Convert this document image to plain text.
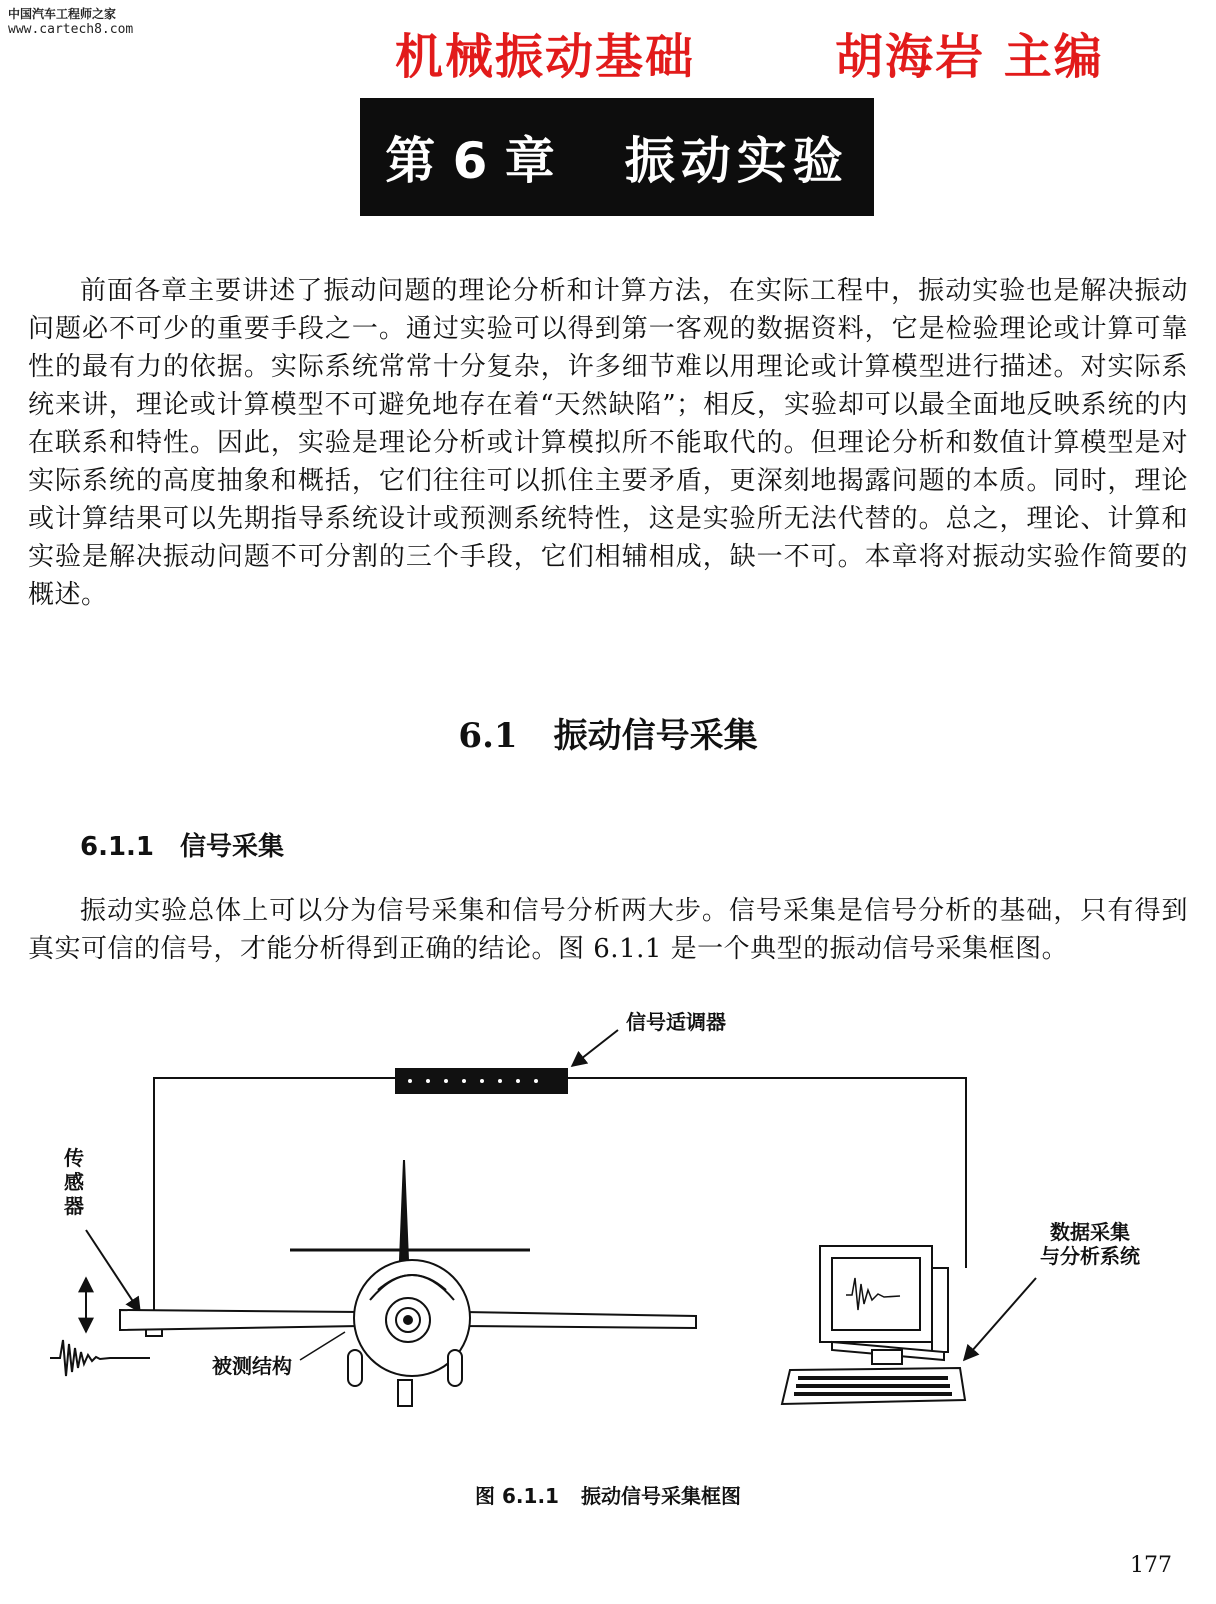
中国汽车工程师之家
www.cartech8.com	机械振动基础	胡海岩 主编
第 6 章 振动实验

前面各章主要讲述了振动问题的理论分析和计算方法，在实际工程中，振动实验也是解决振动问题必不可少的重要手段之一。通过实验可以得到第一客观的数据资料，它是检验理论或计算可靠性的最有力的依据。实际系统常常十分复杂，许多细节难以用理论或计算模型进行描述。对实际系统来讲，理论或计算模型不可避免地存在着“天然缺陷”；相反，实验却可以最全面地反映系统的内在联系和特性。因此，实验是理论分析或计算模拟所不能取代的。但理论分析和数值计算模型是对实际系统的高度抽象和概括，它们往往可以抓住主要矛盾，更深刻地揭露问题的本质。同时，理论或计算结果可以先期指导系统设计或预测系统特性，这是实验所无法代替的。总之，理论、计算和实验是解决振动问题不可分割的三个手段，它们相辅相成，缺一不可。本章将对振动实验作简要的概述。

6.1 振动信号采集
6.1.1 信号采集

振动实验总体上可以分为信号采集和信号分析两大步。信号采集是信号分析的基础，只有得到真实可信的信号，才能分析得到正确的结论。图 6.1.1 是一个典型的振动信号采集框图。

信号适调器
传
感
器
被测结构
数据采集
与分析系统
图 6.1.1 振动信号采集框图
177
